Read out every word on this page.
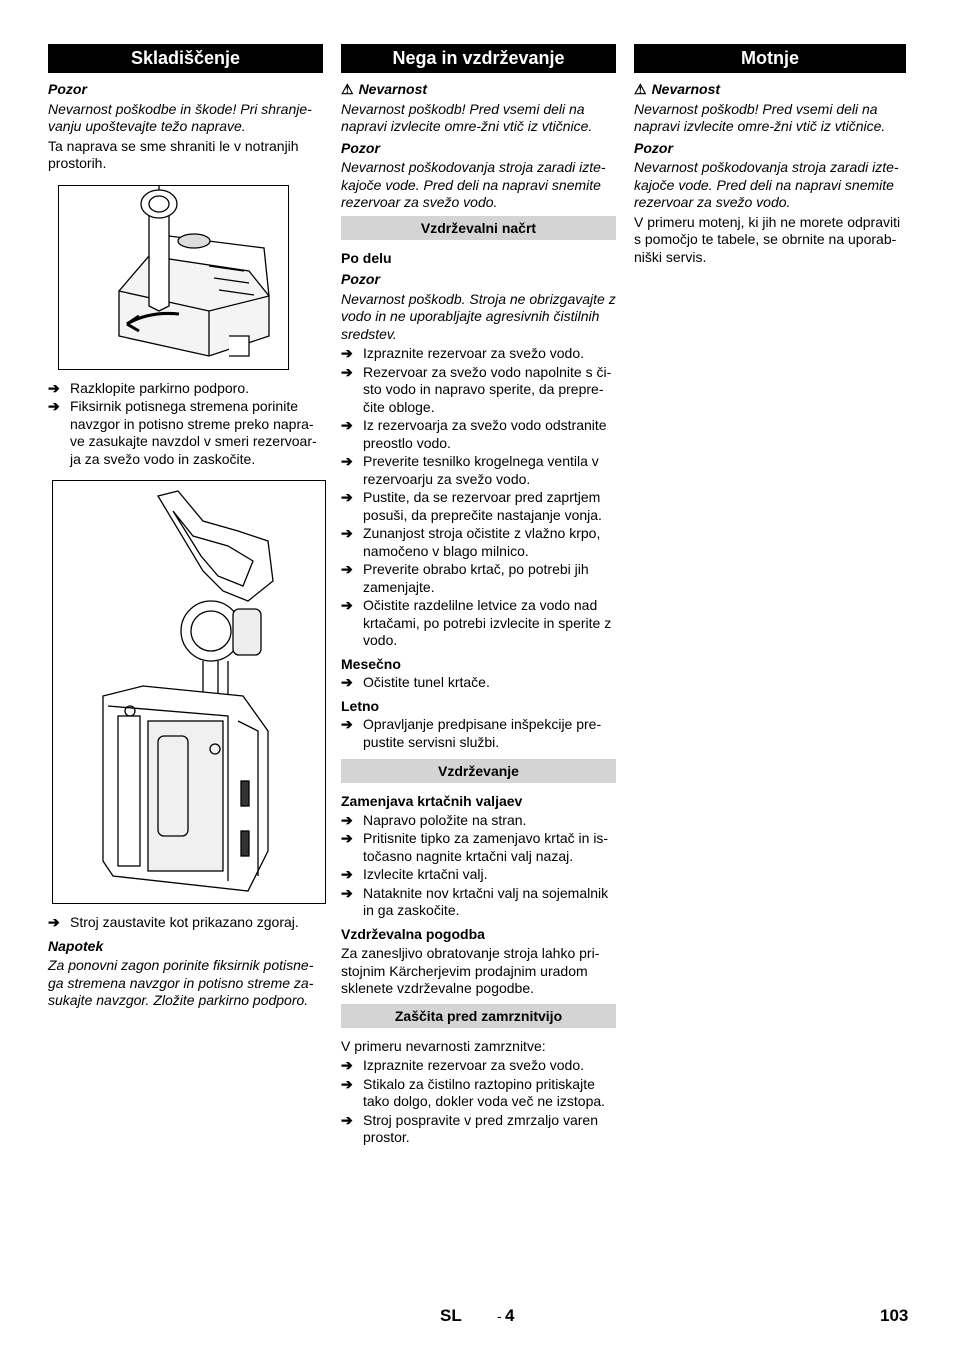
Skladiščenje
Pozor

Nevarnost poškodbe in škode! Pri shranje-vanju upoštevajte težo naprave.

Ta naprava se sme shraniti le v notranjih prostorih.

➔ Razklopite parkirno podporo.
➔ Fiksirnik potisnega stremena porinite navzgor in potisno streme preko napra-ve zasukajte navzdol v smeri rezervoar-ja za svežo vodo in zaskočite.
➔ Stroj zaustavite kot prikazano zgoraj.
Napotek

Za ponovni zagon porinite fiksirnik potisne-ga stremena navzgor in potisno streme za-sukajte navzgor. Zložite parkirno podporo.

Nega in vzdrževanje
⚠ Nevarnost

Nevarnost poškodb! Pred vsemi deli na napravi izvlecite omre-žni vtič iz vtičnice.

Pozor

Nevarnost poškodovanja stroja zaradi izte-kajoče vode. Pred deli na napravi snemite rezervoar za svežo vodo.

Vzdrževalni načrt
Po delu
Pozor

Nevarnost poškodb. Stroja ne obrizgavajte z vodo in ne uporabljajte agresivnih čistilnih sredstev.

➔ Izpraznite rezervoar za svežo vodo.
➔ Rezervoar za svežo vodo napolnite s či-sto vodo in napravo sperite, da prepre-čite obloge.
➔ Iz rezervoarja za svežo vodo odstranite preostlo vodo.
➔ Preverite tesnilko krogelnega ventila v rezervoarju za svežo vodo.
➔ Pustite, da se rezervoar pred zaprtjem posuši, da preprečite nastajanje vonja.
➔ Zunanjost stroja očistite z vlažno krpo, namočeno v blago milnico.
➔ Preverite obrabo krtač, po potrebi jih zamenjajte.
➔ Očistite razdelilne letvice za vodo nad krtačami, po potrebi izvlecite in sperite z vodo.
Mesečno
➔ Očistite tunel krtače.
Letno
➔ Opravljanje predpisane inšpekcije pre-pustite servisni službi.
Vzdrževanje
Zamenjava krtačnih valjaev
➔ Napravo položite na stran.
➔ Pritisnite tipko za zamenjavo krtač in is-točasno nagnite krtačni valj nazaj.
➔ Izvlecite krtačni valj.
➔ Nataknite nov krtačni valj na sojemalnik in ga zaskočite.
Vzdrževalna pogodba

Za zanesljivo obratovanje stroja lahko pri-stojnim Kärcherjevim prodajnim uradom sklenete vzdrževalne pogodbe.

Zaščita pred zamrznitvijo

V primeru nevarnosti zamrznitve:

➔ Izpraznite rezervoar za svežo vodo.
➔ Stikalo za čistilno raztopino pritiskajte tako dolgo, dokler voda več ne izstopa.
➔ Stroj pospravite v pred zmrzaljo varen prostor.
Motnje
⚠ Nevarnost

Nevarnost poškodb! Pred vsemi deli na napravi izvlecite omre-žni vtič iz vtičnice.

Pozor

Nevarnost poškodovanja stroja zaradi izte-kajoče vode. Pred deli na napravi snemite rezervoar za svežo vodo.

V primeru motenj, ki jih ne morete odpraviti s pomočjo te tabele, se obrnite na uporab-niški servis.

SL	- 4	103
